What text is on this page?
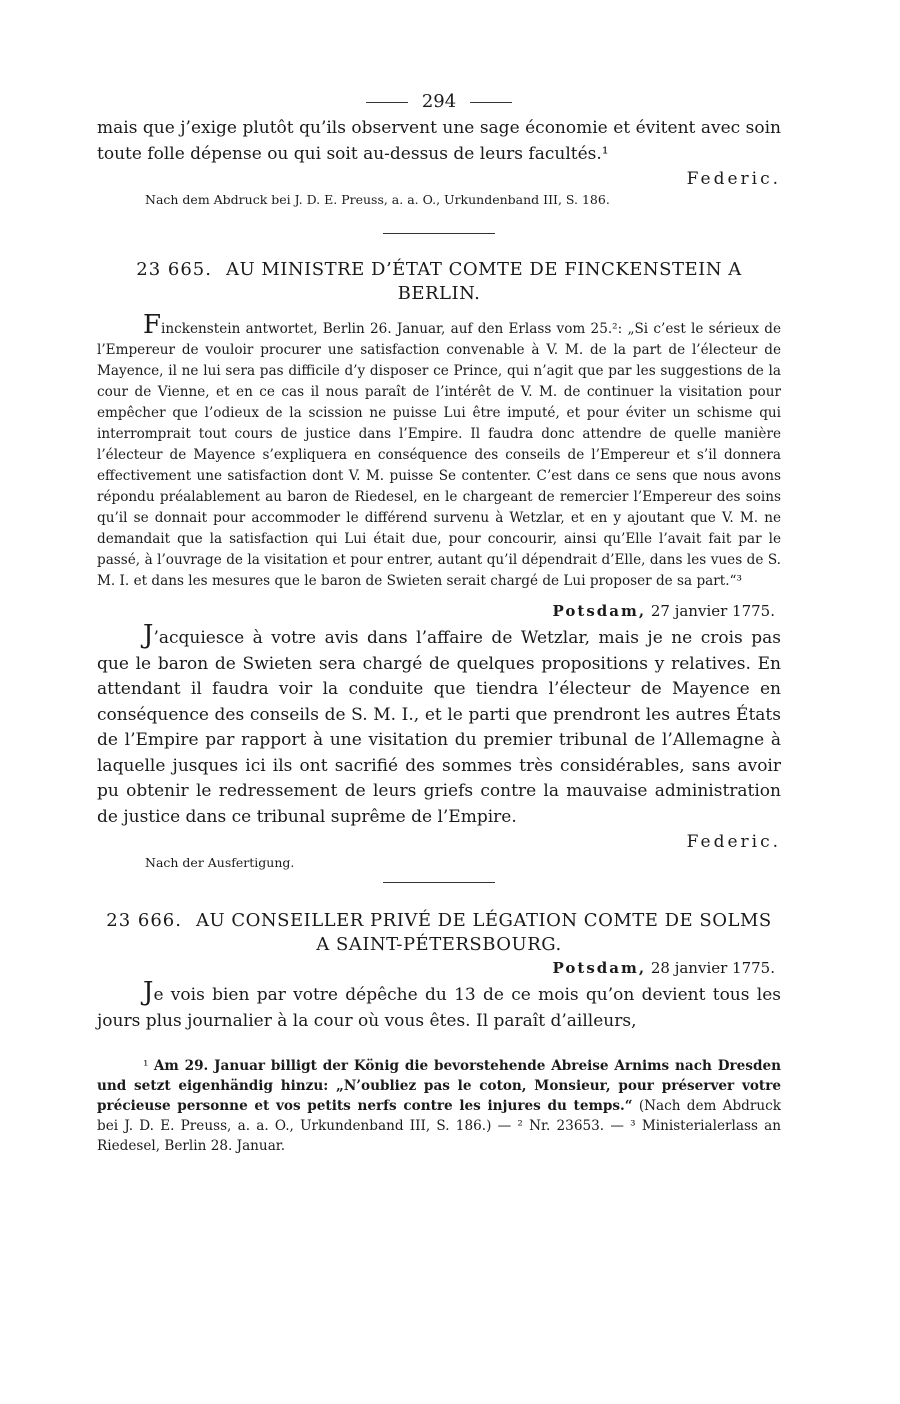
294

mais que j’exige plutôt qu’ils observent une sage économie et évitent avec soin toute folle dépense ou qui soit au-dessus de leurs facultés.¹

Federic.
Nach dem Abdruck bei J. D. E. Preuss, a. a. O., Urkundenband III, S. 186.
23 665. AU MINISTRE D’ÉTAT COMTE DE FINCKENSTEIN A BERLIN.

Finckenstein antwortet, Berlin 26. Januar, auf den Erlass vom 25.²: „Si c’est le sérieux de l’Empereur de vouloir procurer une satisfaction convenable à V. M. de la part de l’électeur de Mayence, il ne lui sera pas difficile d’y disposer ce Prince, qui n’agit que par les suggestions de la cour de Vienne, et en ce cas il nous paraît de l’intérêt de V. M. de continuer la visitation pour empêcher que l’odieux de la scission ne puisse Lui être imputé, et pour éviter un schisme qui interromprait tout cours de justice dans l’Empire. Il faudra donc attendre de quelle manière l’électeur de Mayence s’expliquera en conséquence des conseils de l’Empereur et s’il donnera effectivement une satisfaction dont V. M. puisse Se contenter. C’est dans ce sens que nous avons répondu préalablement au baron de Riedesel, en le chargeant de remercier l’Empereur des soins qu’il se donnait pour accommoder le différend survenu à Wetzlar, et en y ajoutant que V. M. ne demandait que la satisfaction qui Lui était due, pour concourir, ainsi qu’Elle l’avait fait par le passé, à l’ouvrage de la visitation et pour entrer, autant qu’il dépendrait d’Elle, dans les vues de S. M. I. et dans les mesures que le baron de Swieten serait chargé de Lui proposer de sa part.“³

Potsdam, 27 janvier 1775.

J’acquiesce à votre avis dans l’affaire de Wetzlar, mais je ne crois pas que le baron de Swieten sera chargé de quelques propositions y relatives. En attendant il faudra voir la conduite que tiendra l’électeur de Mayence en conséquence des conseils de S. M. I., et le parti que prendront les autres États de l’Empire par rapport à une visitation du premier tribunal de l’Allemagne à laquelle jusques ici ils ont sacrifié des sommes très considérables, sans avoir pu obtenir le redressement de leurs griefs contre la mauvaise administration de justice dans ce tribunal suprême de l’Empire.

Federic.
Nach der Ausfertigung.
23 666. AU CONSEILLER PRIVÉ DE LÉGATION COMTE DE SOLMS A SAINT-PÉTERSBOURG.
Potsdam, 28 janvier 1775.

Je vois bien par votre dépêche du 13 de ce mois qu’on devient tous les jours plus journalier à la cour où vous êtes. Il paraît d’ailleurs,

¹ Am 29. Januar billigt der König die bevorstehende Abreise Arnims nach Dresden und setzt eigenhändig hinzu: „N’oubliez pas le coton, Monsieur, pour préserver votre précieuse personne et vos petits nerfs contre les injures du temps.“ (Nach dem Abdruck bei J. D. E. Preuss, a. a. O., Urkundenband III, S. 186.) — ² Nr. 23653. — ³ Ministerialerlass an Riedesel, Berlin 28. Januar.
